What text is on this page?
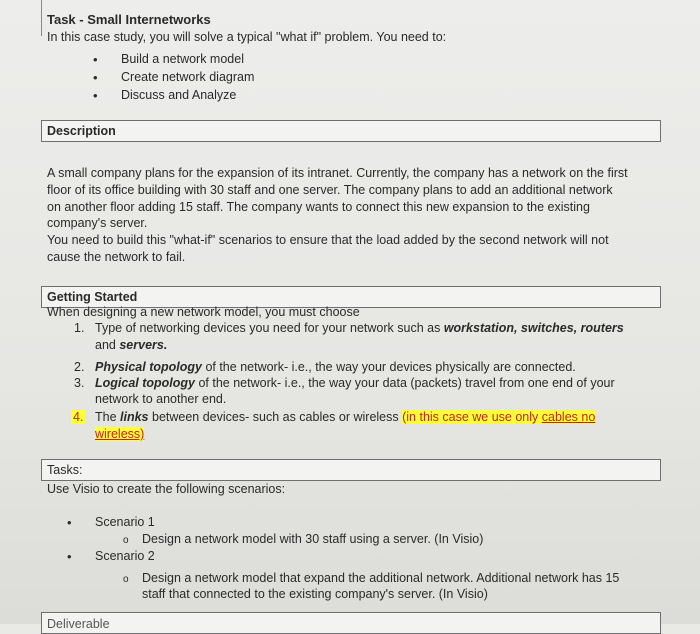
Task - Small Internetworks
In this case study, you will solve a typical "what if" problem. You need to:
• Build a network model
• Create network diagram
• Discuss and Analyze
Description
A small company plans for the expansion of its intranet. Currently, the company has a network on the first
floor of its office building with 30 staff and one server. The company plans to add an additional network
on another floor adding 15 staff. The company wants to connect this new expansion to the existing
company's server.
You need to build this "what-if" scenarios to ensure that the load added by the second network will not
cause the network to fail.
Getting Started
When designing a new network model, you must choose
1. Type of networking devices you need for your network such as workstation, switches, routers
and servers.
2. Physical topology of the network- i.e., the way your devices physically are connected.
3. Logical topology of the network- i.e., the way your data (packets) travel from one end of your
network to another end.
4. The links between devices- such as cables or wireless (in this case we use only cables no
wireless)
Tasks:
Use Visio to create the following scenarios:
• Scenario 1
o Design a network model with 30 staff using a server. (In Visio)
• Scenario 2
o Design a network model that expand the additional network. Additional network has 15
staff that connected to the existing company's server. (In Visio)
Deliverable
